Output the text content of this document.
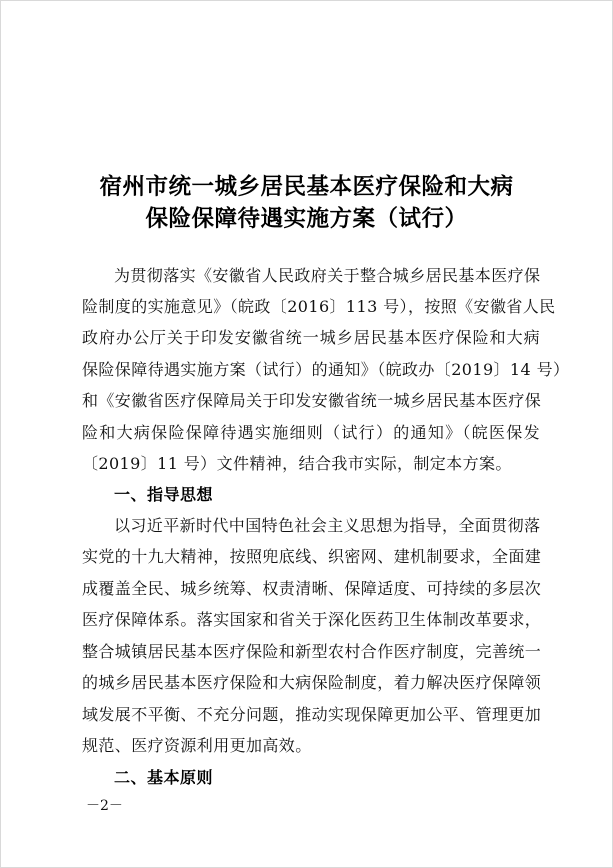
宿州市统一城乡居民基本医疗保险和大病
保险保障待遇实施方案（试行）
为贯彻落实《安徽省人民政府关于整合城乡居民基本医疗保
险制度的实施意见》（皖政〔2016〕113 号），按照《安徽省人民
政府办公厅关于印发安徽省统一城乡居民基本医疗保险和大病
保险保障待遇实施方案（试行）的通知》（皖政办〔2019〕14 号）
和《安徽省医疗保障局关于印发安徽省统一城乡居民基本医疗保
险和大病保险保障待遇实施细则（试行）的通知》（皖医保发
〔2019〕11 号）文件精神，结合我市实际，制定本方案。
一、指导思想
以习近平新时代中国特色社会主义思想为指导，全面贯彻落
实党的十九大精神，按照兜底线、织密网、建机制要求，全面建
成覆盖全民、城乡统筹、权责清晰、保障适度、可持续的多层次
医疗保障体系。落实国家和省关于深化医药卫生体制改革要求，
整合城镇居民基本医疗保险和新型农村合作医疗制度，完善统一
的城乡居民基本医疗保险和大病保险制度，着力解决医疗保障领
域发展不平衡、不充分问题，推动实现保障更加公平、管理更加
规范、医疗资源利用更加高效。
二、基本原则
－2－
